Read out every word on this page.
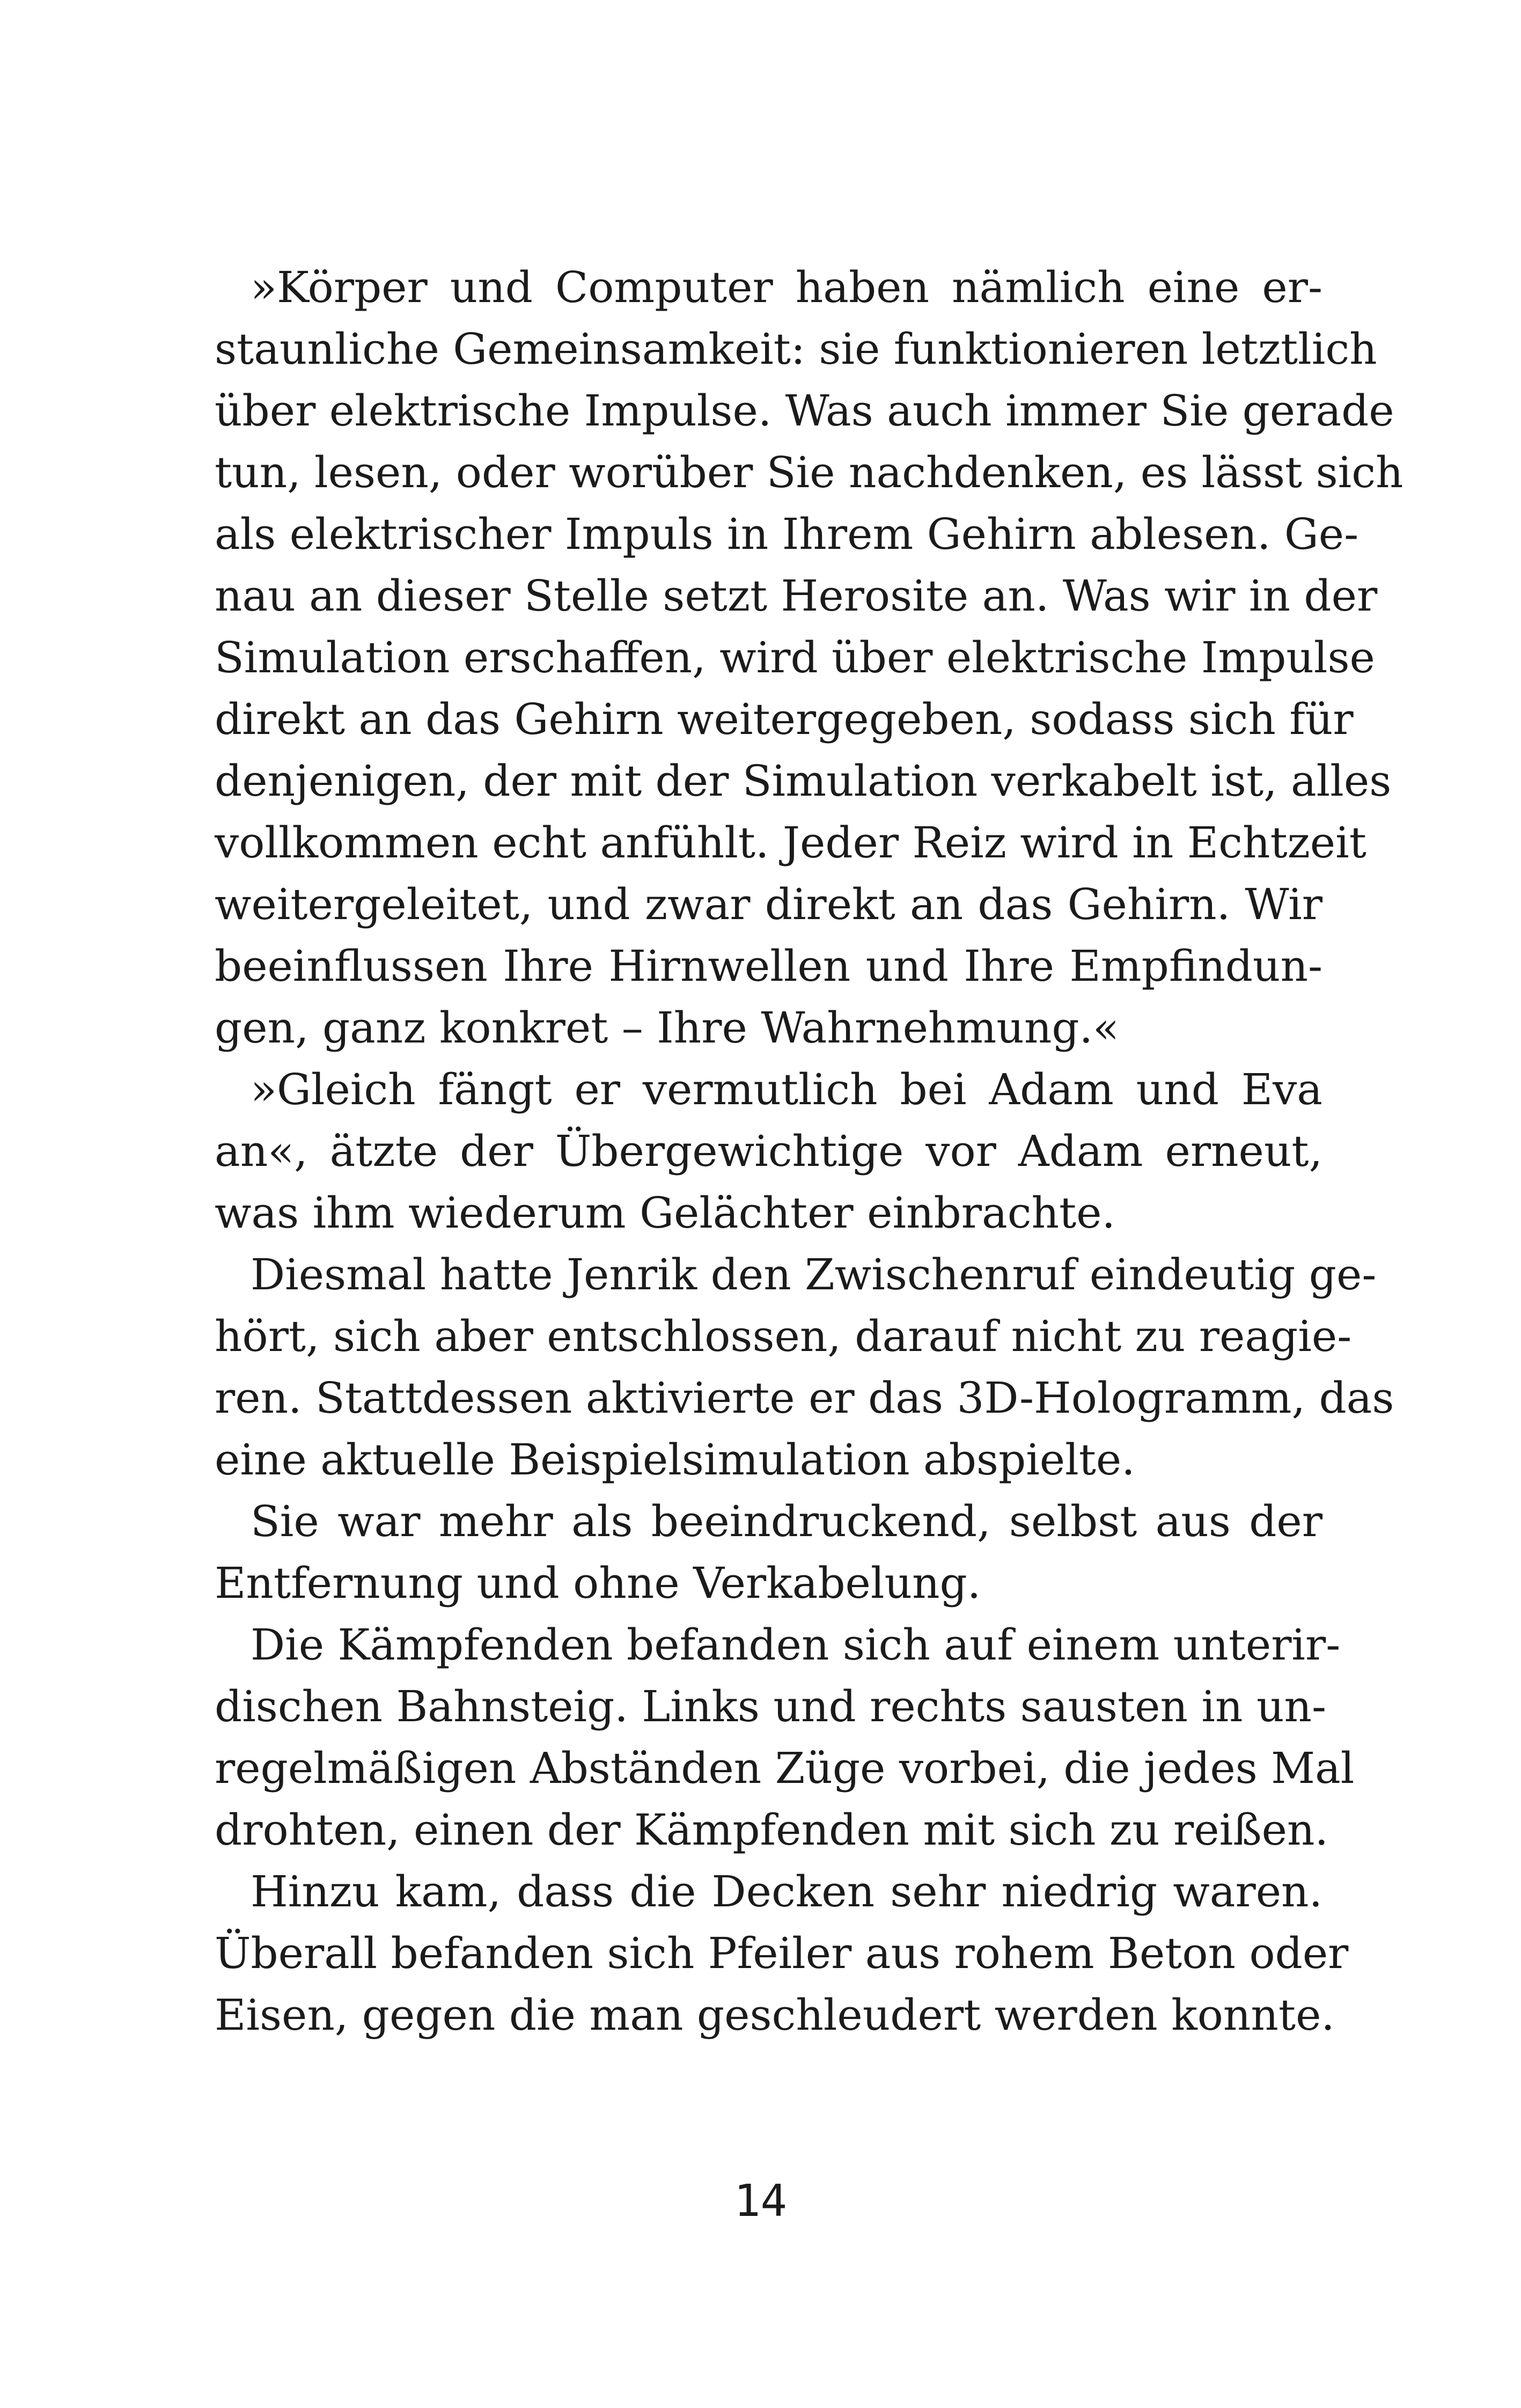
»Körper und Computer haben nämlich eine er-
staunliche Gemeinsamkeit: sie funktionieren letztlich
über elektrische Impulse. Was auch immer Sie gerade
tun, lesen, oder worüber Sie nachdenken, es lässt sich
als elektrischer Impuls in Ihrem Gehirn ablesen. Ge-
nau an dieser Stelle setzt Herosite an. Was wir in der
Simulation erschaffen, wird über elektrische Impulse
direkt an das Gehirn weitergegeben, sodass sich für
denjenigen, der mit der Simulation verkabelt ist, alles
vollkommen echt anfühlt. Jeder Reiz wird in Echtzeit
weitergeleitet, und zwar direkt an das Gehirn. Wir
beeinflussen Ihre Hirnwellen und Ihre Empfindun-
gen, ganz konkret – Ihre Wahrnehmung.«
»Gleich fängt er vermutlich bei Adam und Eva
an«, ätzte der Übergewichtige vor Adam erneut,
was ihm wiederum Gelächter einbrachte.
Diesmal hatte Jenrik den Zwischenruf eindeutig ge-
hört, sich aber entschlossen, darauf nicht zu reagie-
ren. Stattdessen aktivierte er das 3D-Hologramm, das
eine aktuelle Beispielsimulation abspielte.
Sie war mehr als beeindruckend, selbst aus der
Entfernung und ohne Verkabelung.
Die Kämpfenden befanden sich auf einem unterir-
dischen Bahnsteig. Links und rechts sausten in un-
regelmäßigen Abständen Züge vorbei, die jedes Mal
drohten, einen der Kämpfenden mit sich zu reißen.
Hinzu kam, dass die Decken sehr niedrig waren.
Überall befanden sich Pfeiler aus rohem Beton oder
Eisen, gegen die man geschleudert werden konnte.
14
